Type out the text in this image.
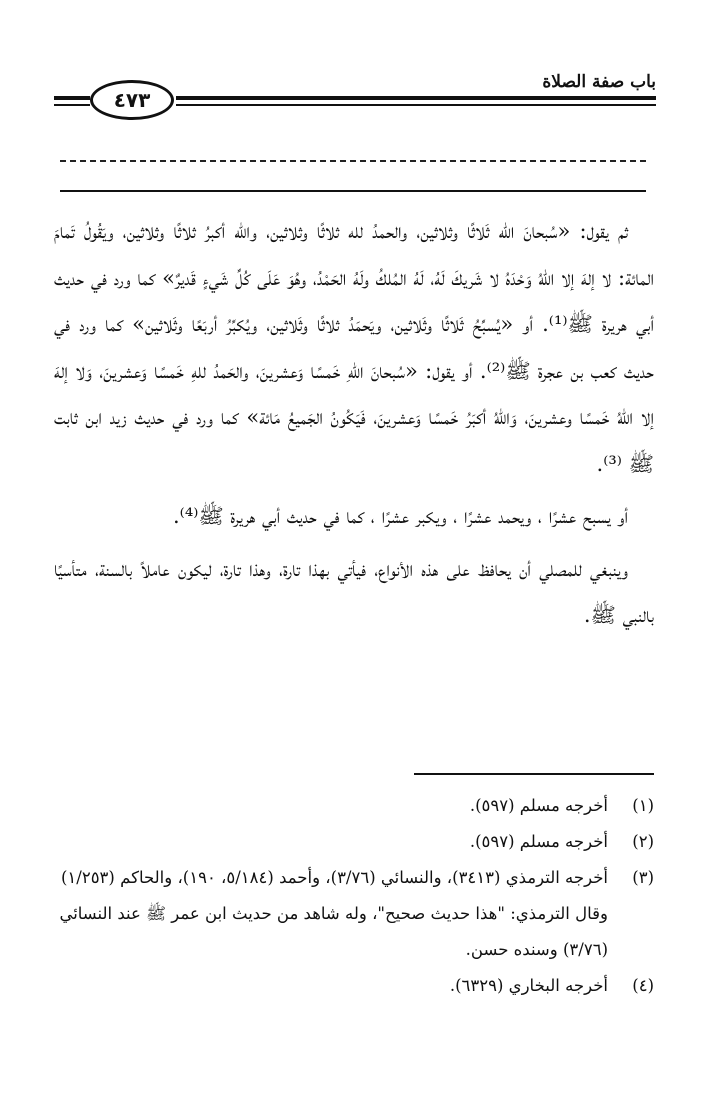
باب صفة الصلاة
٤٧٣

ثم يقول: «سُبحانَ الله ثَلاثًا وثلاثين، والحمدُ لله ثلاثًا وثلاثين، والله أكبرُ ثلاثًا وثلاثين، ويَقُولُ تَمامَ المائة: لا إلهَ إلا اللهُ وَحْدَهُ لا شَريكَ لَهُ، لَهُ المُلكُ ولَهُ الحَمْدُ، وهُوَ عَلَى كُلِّ شَيءٍ قَديرٌ» كما ورد في حديث أبي هريرة ﷺ⁽¹⁾. أو «يُسبِّحُ ثَلاثًا وثَلاثين، ويَحمَدُ ثلاثًا وثَلاثين، ويُكبِّرُ أربَعًا وثَلاثين» كما ورد في حديث كعب بن عجرة ﷺ⁽²⁾. أو يقول: «سُبحانَ اللهِ خَمسًا وَعشرينَ، والحَمدُ للهِ خَمسًا وَعشرينَ، وَلا إلهَ إلا اللهُ خَمسًا وعشرينَ، وَاللهُ أكبَرُ خَمسًا وَعشرينَ، فَيَكُونُ الجَميعُ مَائة» كما ورد في حديث زيد ابن ثابت ﷺ ⁽³⁾.

أو يسبح عشرًا ، ويحمد عشرًا ، ويكبر عشرًا ، كما في حديث أبي هريرة ﷺ⁽⁴⁾.

وينبغي للمصلي أن يحافظ على هذه الأنواع، فيأتي بهذا تارة، وهذا تارة، ليكون عاملاً بالسنة، متأسيًا بالنبي ﷺ.

(١)
أخرجه مسلم (٥٩٧).
(٢)
أخرجه مسلم (٥٩٧).
(٣)
أخرجه الترمذي (٣٤١٣)، والنسائي (٣/٧٦)، وأحمد (٥/١٨٤، ١٩٠)، والحاكم (١/٢٥٣) وقال الترمذي: "هذا حديث صحيح"، وله شاهد من حديث ابن عمر ﷺ عند النسائي (٣/٧٦) وسنده حسن.
(٤)
أخرجه البخاري (٦٣٢٩).
